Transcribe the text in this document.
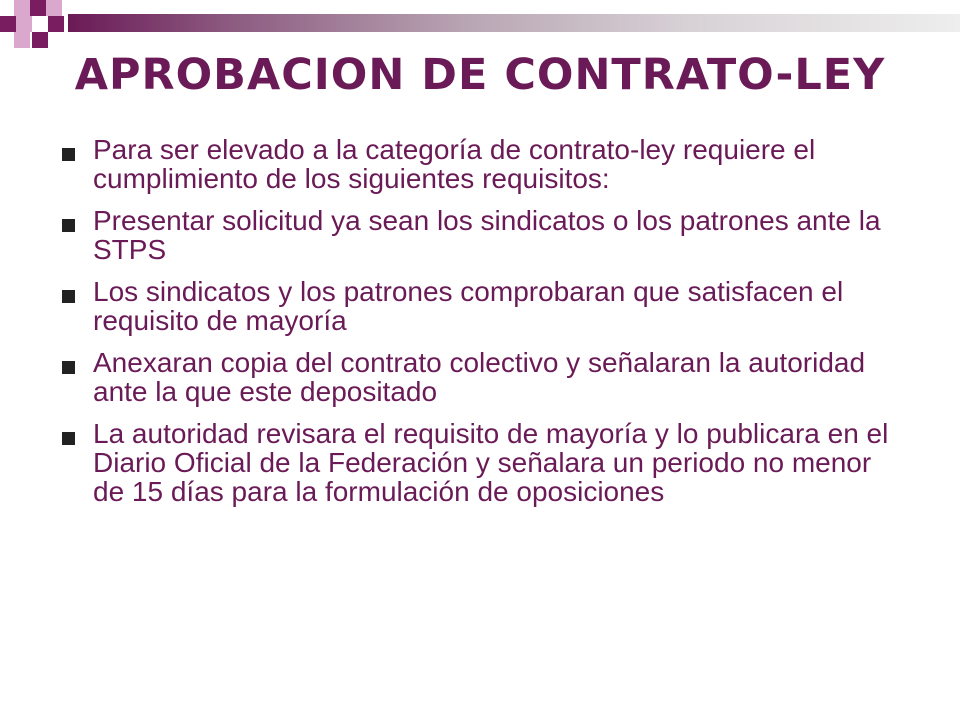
APROBACION DE CONTRATO-LEY
Para ser elevado a la categoría de contrato-ley requiere el cumplimiento de los siguientes requisitos:
Presentar solicitud ya sean los sindicatos o los patrones ante la STPS
Los sindicatos y los patrones comprobaran que satisfacen el requisito de mayoría
Anexaran copia del contrato colectivo y señalaran la autoridad ante la que este depositado
La autoridad revisara el requisito de mayoría y lo publicara en el Diario Oficial de la Federación y señalara un periodo no menor de 15 días para la formulación de oposiciones
